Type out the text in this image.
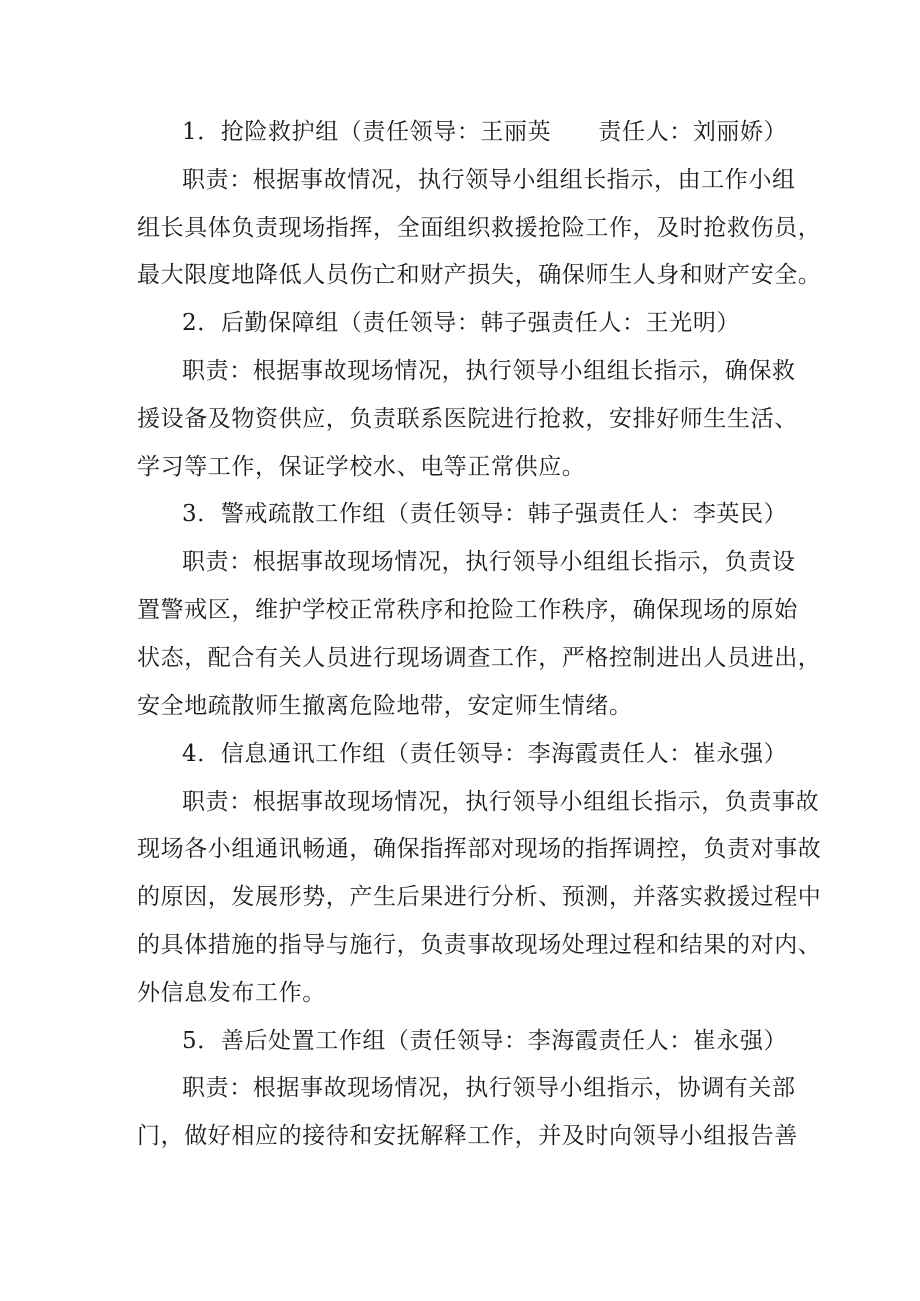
1．抢险救护组（责任领导：王丽英　　责任人：刘丽娇）
职责：根据事故情况，执行领导小组组长指示，由工作小组
组长具体负责现场指挥，全面组织救援抢险工作，及时抢救伤员，
最大限度地降低人员伤亡和财产损失，确保师生人身和财产安全。
2．后勤保障组（责任领导：韩子强责任人：王光明）
职责：根据事故现场情况，执行领导小组组长指示，确保救
援设备及物资供应，负责联系医院进行抢救，安排好师生生活、
学习等工作，保证学校水、电等正常供应。
3．警戒疏散工作组（责任领导：韩子强责任人：李英民）
职责：根据事故现场情况，执行领导小组组长指示，负责设
置警戒区，维护学校正常秩序和抢险工作秩序，确保现场的原始
状态，配合有关人员进行现场调查工作，严格控制进出人员进出，
安全地疏散师生撤离危险地带，安定师生情绪。
4．信息通讯工作组（责任领导：李海霞责任人：崔永强）
职责：根据事故现场情况，执行领导小组组长指示，负责事故
现场各小组通讯畅通，确保指挥部对现场的指挥调控，负责对事故
的原因，发展形势，产生后果进行分析、预测，并落实救援过程中
的具体措施的指导与施行，负责事故现场处理过程和结果的对内、
外信息发布工作。
5．善后处置工作组（责任领导：李海霞责任人：崔永强）
职责：根据事故现场情况，执行领导小组指示，协调有关部
门，做好相应的接待和安抚解释工作，并及时向领导小组报告善
